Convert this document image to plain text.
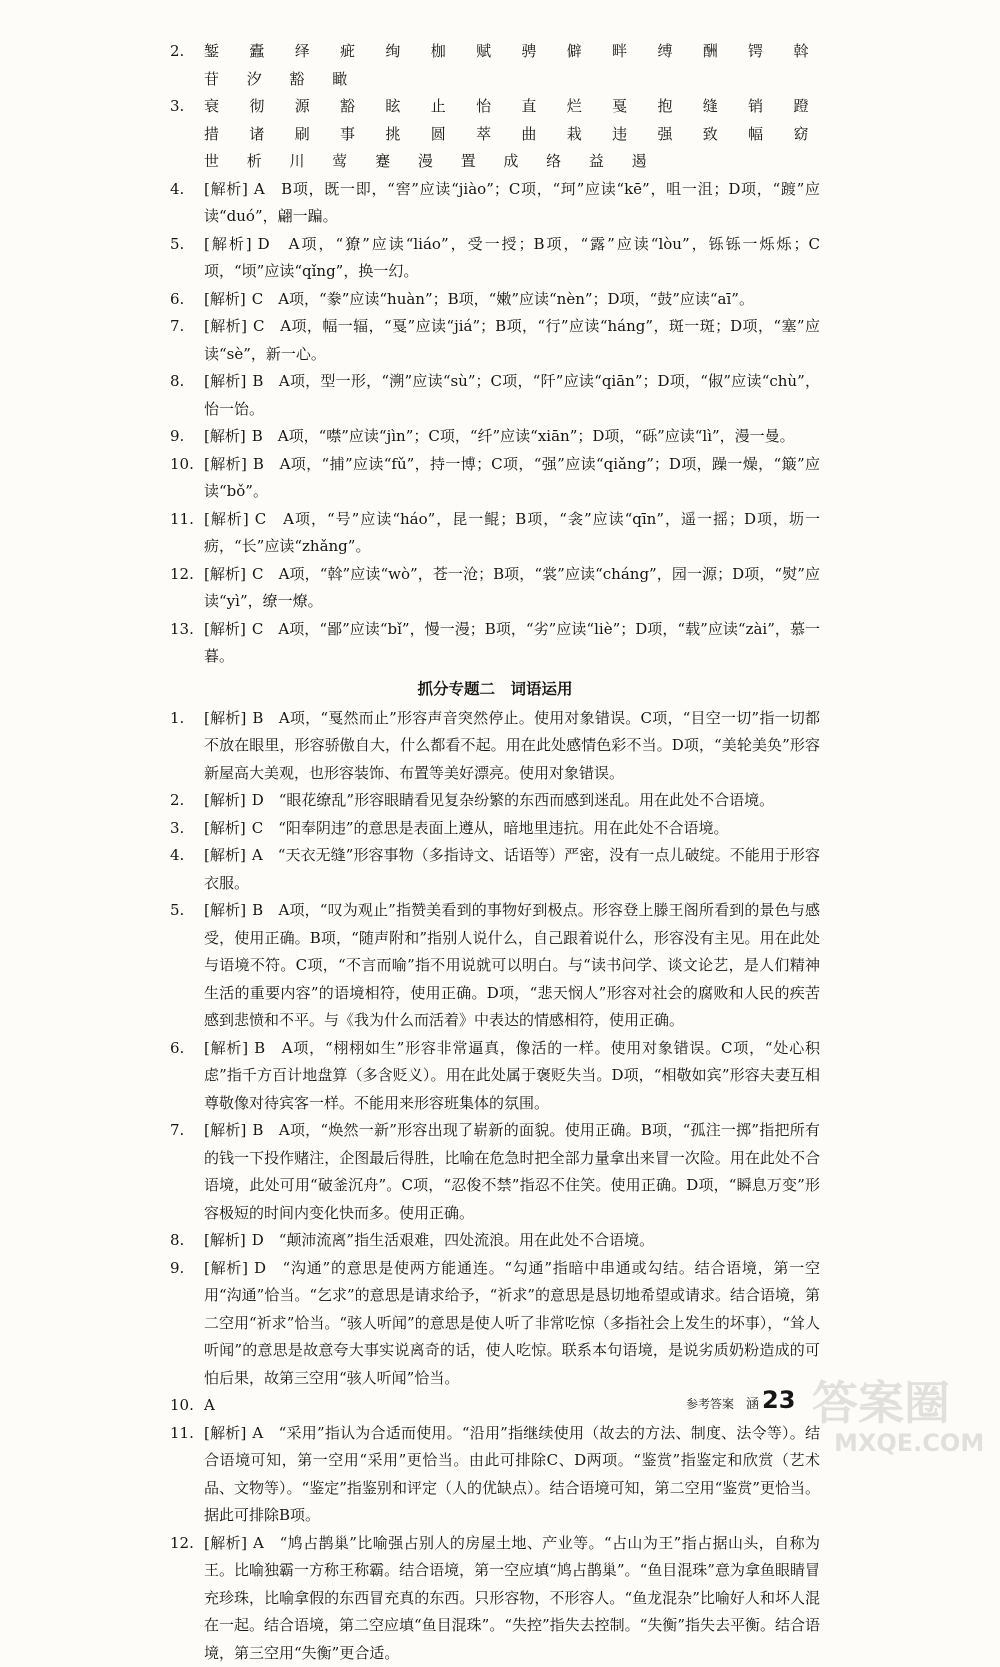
2.	錾 蠹 绎 疵 绚 枷 赋 骋 僻 畔 缚 酬 锷 斡 苷 汐 豁 瞰
3.	衰 彻 源 豁 眩 止 怡 直 烂 戛 抱 缝 销 蹬 措 诸 刷 事 挑 圆 萃 曲 栽 违 强 致 幅 窈 世 析 川 莺 蹇 漫 置 成 络 益 遏
4.	[解析] A　B项，既一即，“窖”应读“jiào”；C项，“珂”应读“kē”，咀一沮；D项，“踱”应读“duó”，翩一蹁。
5.	[解析] D　A项，“獠”应读“liáo”，受一授；B项，“露”应读“lòu”，铄铄一烁烁；C项，“顷”应读“qǐng”，换一幻。
6.	[解析] C　A项，“豢”应读“huàn”；B项，“嫩”应读“nèn”；D项，“鼓”应读“aī”。
7.	[解析] C　A项，幅一辐，“戛”应读“jiá”；B项，“行”应读“háng”，斑一斑；D项，“塞”应读“sè”，新一心。
8.	[解析] B　A项，型一形，“溯”应读“sù”；C项，“阡”应读“qiān”；D项，“俶”应读“chù”，怡一饴。
9.	[解析] B　A项，“噤”应读“jìn”；C项，“纤”应读“xiān”；D项，“砾”应读“lì”，漫一曼。
10. [解析] B　A项，“捕”应读“fǔ”，持一博；C项，“强”应读“qiǎng”；D项，躁一燥，“簸”应读“bǒ”。
11. [解析] C　A项，“号”应读“háo”，昆一鲲；B项，“衾”应读“qīn”，遥一摇；D项，坜一疬，“长”应读“zhǎng”。
12. [解析] C　A项，“斡”应读“wò”，苍一沧；B项，“裳”应读“cháng”，园一源；D项，“熨”应读“yì”，缭一燎。
13. [解析] C　A项，“鄙”应读“bǐ”，慢一漫；B项，“劣”应读“liè”；D项，“载”应读“zài”，慕一暮。
抓分专题二　词语运用
1.	[解析] B　A项，“戛然而止”形容声音突然停止。使用对象错误。C项，“目空一切”指一切都不放在眼里，形容骄傲自大，什么都看不起。用在此处感情色彩不当。D项，“美轮美奂”形容新屋高大美观，也形容装饰、布置等美好漂亮。使用对象错误。
2.	[解析] D　“眼花缭乱”形容眼睛看见复杂纷繁的东西而感到迷乱。用在此处不合语境。
3.	[解析] C　“阳奉阴违”的意思是表面上遵从，暗地里违抗。用在此处不合语境。
4.	[解析] A　“天衣无缝”形容事物（多指诗文、话语等）严密，没有一点儿破绽。不能用于形容衣服。
5.	[解析] B　A项，“叹为观止”指赞美看到的事物好到极点。形容登上滕王阁所看到的景色与感受，使用正确。B项，“随声附和”指别人说什么，自己跟着说什么，形容没有主见。用在此处与语境不符。C项，“不言而喻”指不用说就可以明白。与“读书问学、谈文论艺，是人们精神生活的重要内容”的语境相符，使用正确。D项，“悲天悯人”形容对社会的腐败和人民的疾苦感到悲愤和不平。与《我为什么而活着》中表达的情感相符，使用正确。
6.	[解析] B　A项，“栩栩如生”形容非常逼真，像活的一样。使用对象错误。C项，“处心积虑”指千方百计地盘算（多含贬义）。用在此处属于褒贬失当。D项，“相敬如宾”形容夫妻互相尊敬像对待宾客一样。不能用来形容班集体的氛围。
7.	[解析] B　A项，“焕然一新”形容出现了崭新的面貌。使用正确。B项，“孤注一掷”指把所有的钱一下投作赌注，企图最后得胜，比喻在危急时把全部力量拿出来冒一次险。用在此处不合语境，此处可用“破釜沉舟”。C项，“忍俊不禁”指忍不住笑。使用正确。D项，“瞬息万变”形容极短的时间内变化快而多。使用正确。
8.	[解析] D　“颠沛流离”指生活艰难，四处流浪。用在此处不合语境。
9.	[解析] D　“沟通”的意思是使两方能通连。“勾通”指暗中串通或勾结。结合语境，第一空用“沟通”恰当。“乞求”的意思是请求给予，“祈求”的意思是恳切地希望或请求。结合语境，第二空用“祈求”恰当。“骇人听闻”的意思是使人听了非常吃惊（多指社会上发生的坏事），“耸人听闻”的意思是故意夸大事实说离奇的话，使人吃惊。联系本句语境，是说劣质奶粉造成的可怕后果，故第三空用“骇人听闻”恰当。
10. A
11. [解析] A　“采用”指认为合适而使用。“沿用”指继续使用（故去的方法、制度、法令等）。结合语境可知，第一空用“采用”更恰当。由此可排除C、D两项。“鉴赏”指鉴定和欣赏（艺术品、文物等）。“鉴定”指鉴别和评定（人的优缺点）。结合语境可知，第二空用“鉴赏”更恰当。据此可排除B项。
12. [解析] A　“鸠占鹊巢”比喻强占别人的房屋土地、产业等。“占山为王”指占据山头，自称为王。比喻独霸一方称王称霸。结合语境，第一空应填“鸠占鹊巢”。“鱼目混珠”意为拿鱼眼睛冒充珍珠，比喻拿假的东西冒充真的东西。只形容物，不形容人。“鱼龙混杂”比喻好人和坏人混在一起。结合语境，第二空应填“鱼目混珠”。“失控”指失去控制。“失衡”指失去平衡。结合语境，第三空用“失衡”更合适。
参考答案 涵 23 答案圈
MXQE.COM
